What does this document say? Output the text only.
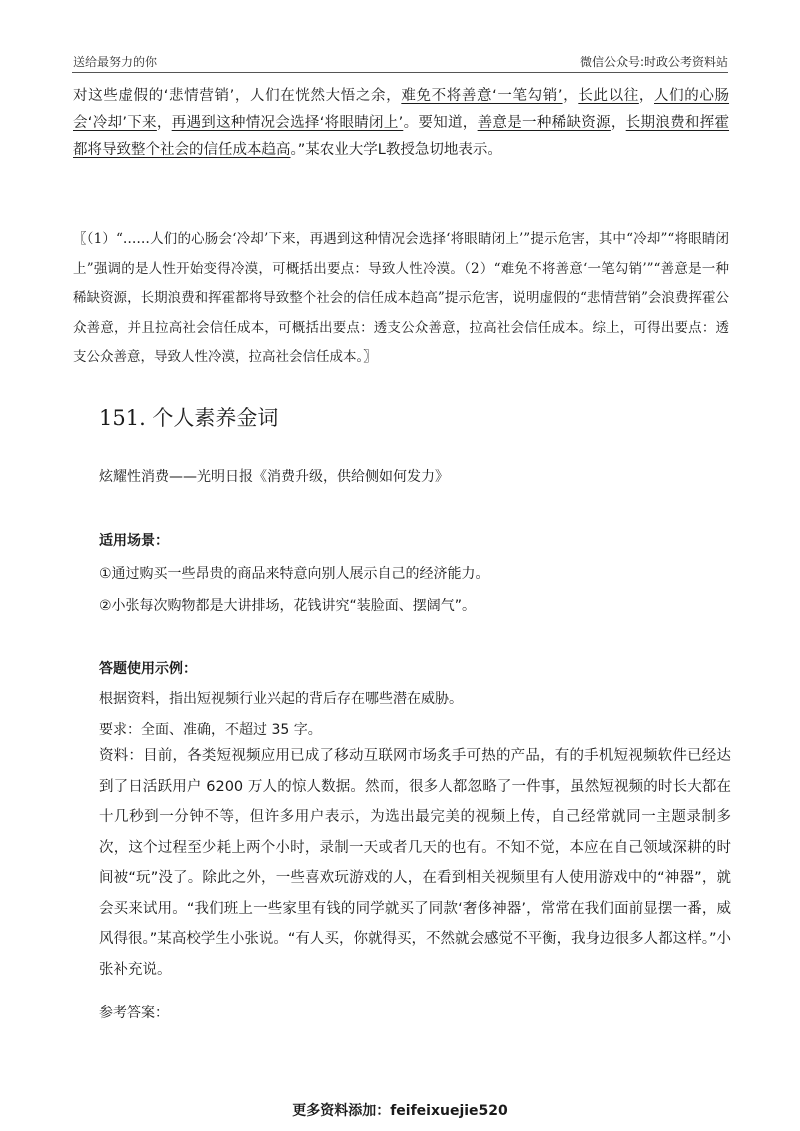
送给最努力的你	微信公众号:时政公考资料站

对这些虚假的‘悲情营销’，人们在恍然大悟之余，难免不将善意‘一笔勾销’，长此以往，人们的心肠会‘冷却’下来，再遇到这种情况会选择‘将眼睛闭上’。要知道，善意是一种稀缺资源，长期浪费和挥霍都将导致整个社会的信任成本趋高。”某农业大学L教授急切地表示。

〖（1）“……人们的心肠会‘冷却’下来，再遇到这种情况会选择‘将眼睛闭上’”提示危害，其中“冷却”“将眼睛闭上”强调的是人性开始变得冷漠，可概括出要点：导致人性冷漠。（2）“难免不将善意‘一笔勾销’”“善意是一种稀缺资源，长期浪费和挥霍都将导致整个社会的信任成本趋高”提示危害，说明虚假的“悲情营销”会浪费挥霍公众善意，并且拉高社会信任成本，可概括出要点：透支公众善意，拉高社会信任成本。综上，可得出要点：透支公众善意，导致人性冷漠，拉高社会信任成本。〗

151. 个人素养金词
炫耀性消费——光明日报《消费升级，供给侧如何发力》
适用场景：
①通过购买一些昂贵的商品来特意向别人展示自己的经济能力。
②小张每次购物都是大讲排场，花钱讲究“装脸面、摆阔气”。
答题使用示例：
根据资料，指出短视频行业兴起的背后存在哪些潜在威胁。
要求：全面、准确，不超过 35 字。

资料：目前，各类短视频应用已成了移动互联网市场炙手可热的产品，有的手机短视频软件已经达到了日活跃用户 6200 万人的惊人数据。然而，很多人都忽略了一件事，虽然短视频的时长大都在十几秒到一分钟不等，但许多用户表示，为选出最完美的视频上传，自己经常就同一主题录制多次，这个过程至少耗上两个小时，录制一天或者几天的也有。不知不觉，本应在自己领域深耕的时间被“玩”没了。除此之外，一些喜欢玩游戏的人，在看到相关视频里有人使用游戏中的“神器”，就会买来试用。“我们班上一些家里有钱的同学就买了同款‘奢侈神器’，常常在我们面前显摆一番，威风得很。”某高校学生小张说。“有人买，你就得买，不然就会感觉不平衡，我身边很多人都这样。”小张补充说。

参考答案：
更多资料添加：feifeixuejie520
